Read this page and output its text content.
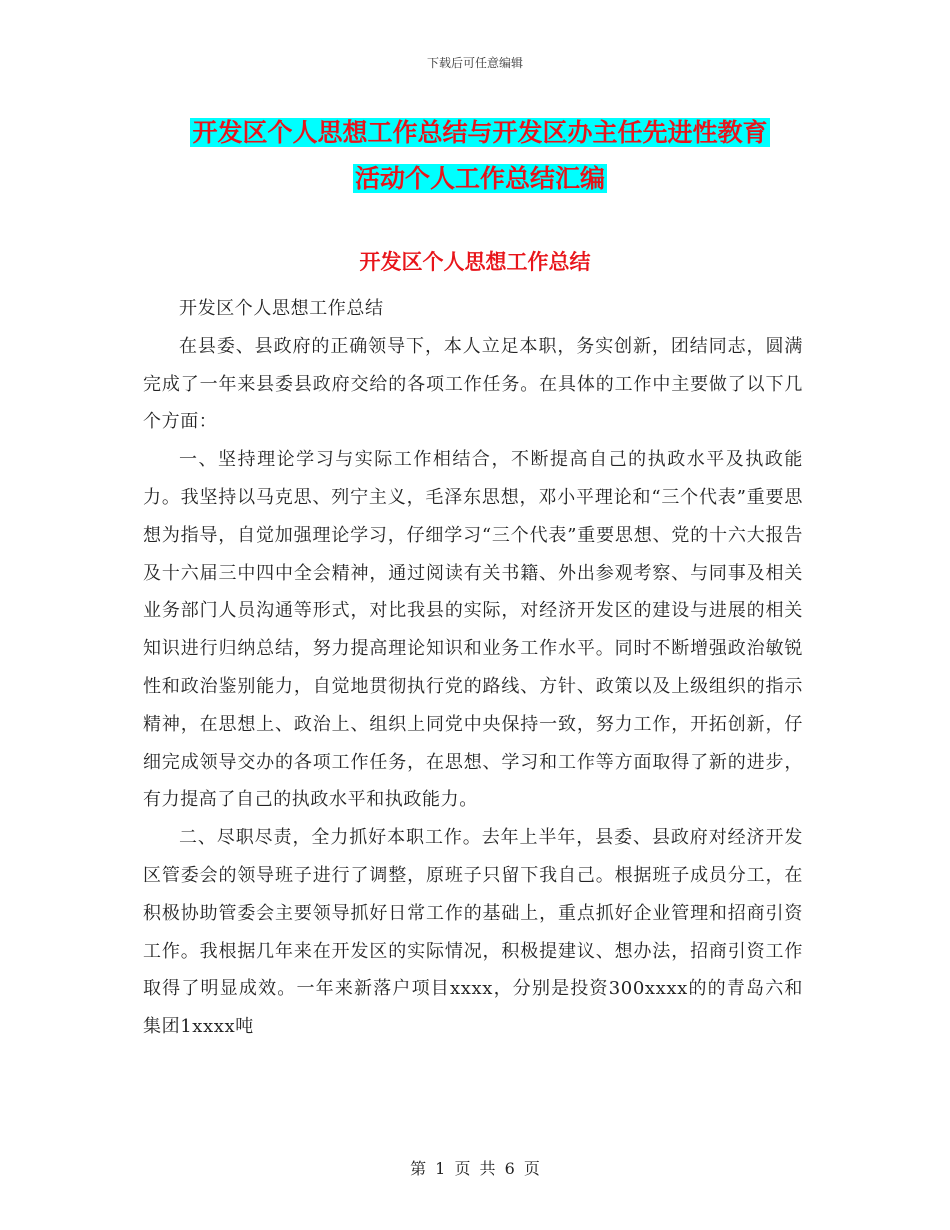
下载后可任意编辑
开发区个人思想工作总结与开发区办主任先进性教育
活动个人工作总结汇编
开发区个人思想工作总结

开发区个人思想工作总结

在县委、县政府的正确领导下，本人立足本职，务实创新，团结同志，圆满完成了一年来县委县政府交给的各项工作任务。在具体的工作中主要做了以下几个方面：

一、坚持理论学习与实际工作相结合，不断提高自己的执政水平及执政能力。我坚持以马克思、列宁主义，毛泽东思想，邓小平理论和“三个代表”重要思想为指导，自觉加强理论学习，仔细学习“三个代表”重要思想、党的十六大报告及十六届三中四中全会精神，通过阅读有关书籍、外出参观考察、与同事及相关业务部门人员沟通等形式，对比我县的实际，对经济开发区的建设与进展的相关知识进行归纳总结，努力提高理论知识和业务工作水平。同时不断增强政治敏锐性和政治鉴别能力，自觉地贯彻执行党的路线、方针、政策以及上级组织的指示精神，在思想上、政治上、组织上同党中央保持一致，努力工作，开拓创新，仔细完成领导交办的各项工作任务，在思想、学习和工作等方面取得了新的进步，有力提高了自己的执政水平和执政能力。

二、尽职尽责，全力抓好本职工作。去年上半年，县委、县政府对经济开发区管委会的领导班子进行了调整，原班子只留下我自己。根据班子成员分工，在积极协助管委会主要领导抓好日常工作的基础上，重点抓好企业管理和招商引资工作。我根据几年来在开发区的实际情况，积极提建议、想办法，招商引资工作取得了明显成效。一年来新落户项目xxxx，分别是投资300xxxx的的青岛六和集团1xxxx吨

第 1 页 共 6 页
